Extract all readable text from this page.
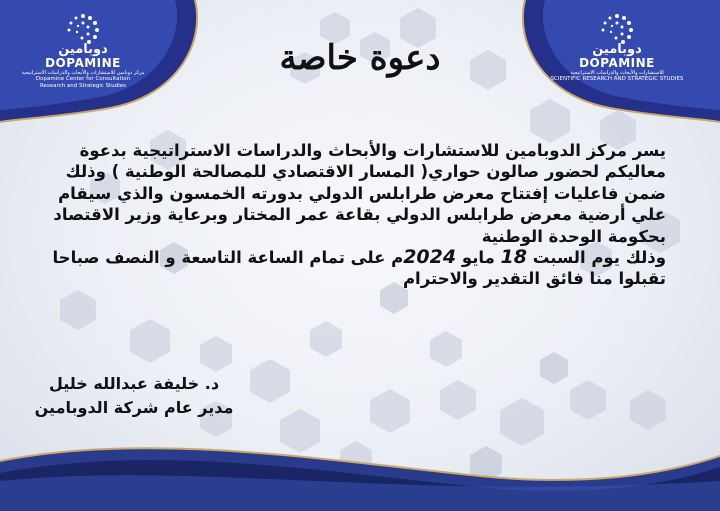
دوبامين
DOPAMINE
مركز دوبامين للاستشارات والأبحاث والدراسات الاستراتيجية
Dopamine Center for Consultation
Research and Strategic Studies
دوبامين
DOPAMINE
للاستشارات والأبحاث والدراسات الاستراتيجية
SCIENTIFIC RESEARCH AND STRATEGIC STUDIES
دعوة خاصة

يسر مركز الدوبامين للاستشارات والأبحاث والدراسات الاستراتيجية بدعوة معاليكم لحضور صالون حواري( المسار الاقتصادي للمصالحة الوطنية ) وذلك ضمن فاعليات إفتتاح معرض طرابلس الدولي بدورته الخمسون والذي سيقام علي أرضية معرض طرابلس الدولي بقاعة عمر المختار وبرعاية وزير الاقتصاد بحكومة الوحدة الوطنية

وذلك يوم السبت 18 مايو 2024م على تمام الساعة التاسعة و النصف صباحا

تقبلوا منا فائق التقدير والاحترام

د. خليفة عبدالله خليل
مدير عام شركة الدوبامين
